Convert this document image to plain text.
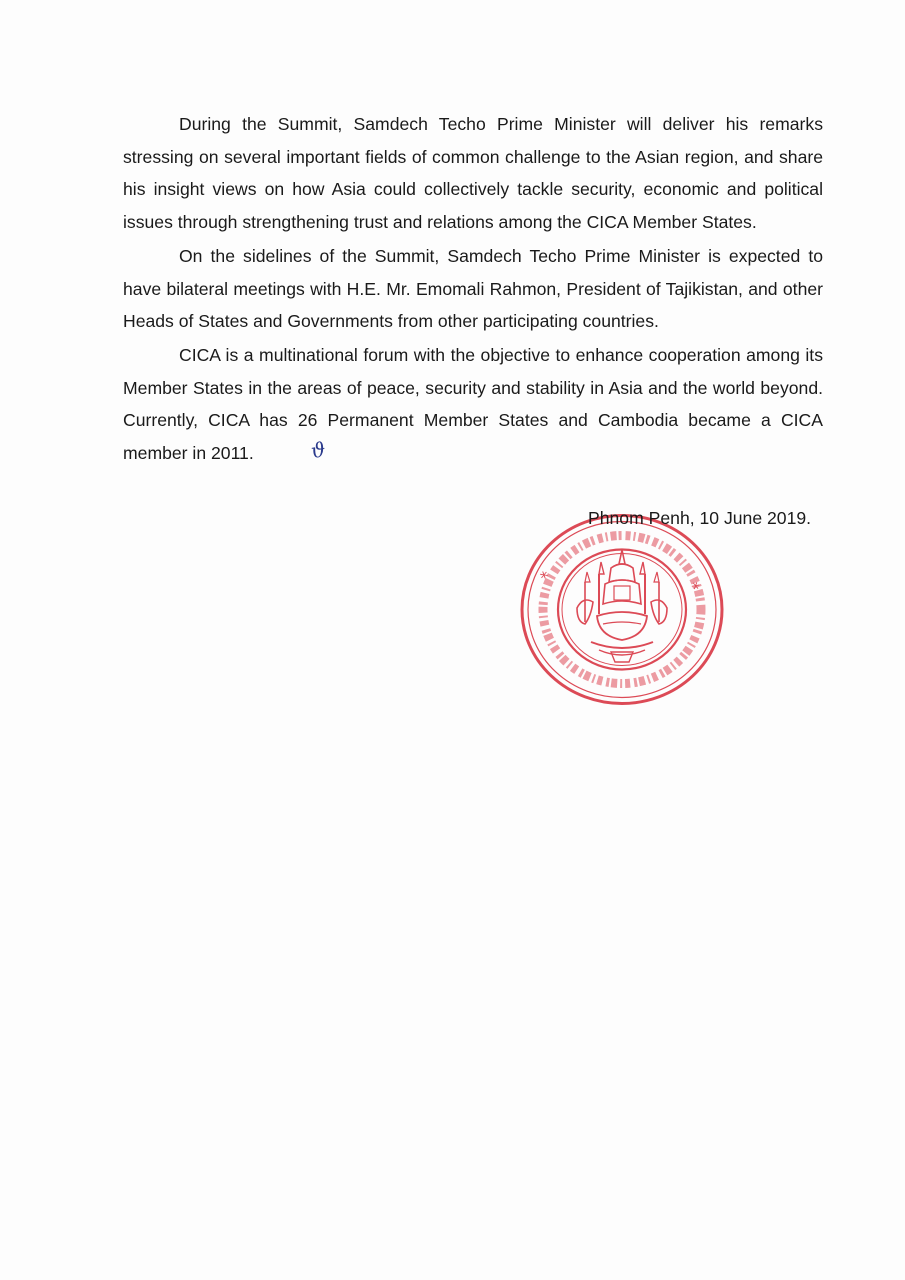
During the Summit, Samdech Techo Prime Minister will deliver his remarks stressing on several important fields of common challenge to the Asian region, and share his insight views on how Asia could collectively tackle security, economic and political issues through strengthening trust and relations among the CICA Member States.

On the sidelines of the Summit, Samdech Techo Prime Minister is expected to have bilateral meetings with H.E. Mr. Emomali Rahmon, President of Tajikistan, and other Heads of States and Governments from other participating countries.

CICA is a multinational forum with the objective to enhance cooperation among its Member States in the areas of peace, security and stability in Asia and the world beyond. Currently, CICA has 26 Permanent Member States and Cambodia became a CICA member in 2011.	ϑ

*
*
Phnom Penh, 10 June 2019.
